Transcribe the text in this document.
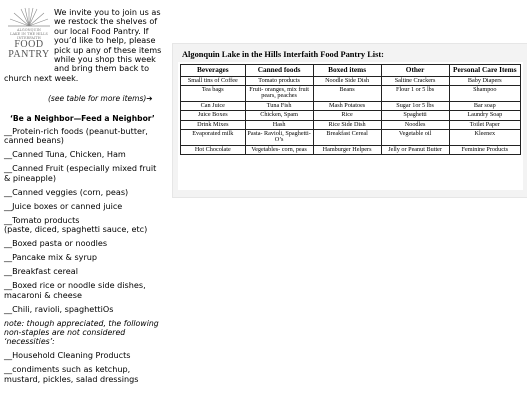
ALGONQUIN
LAKE IN THE HILLS
INTERFAITH
FOOD
PANTRY
We invite you to join us as we restock the shelves of our local Food Pantry. If you’d like to help, please pick up any of these items while you shop this week and bring them back to church next week.
(see table for more items)➔
‘Be a Neighbor—Feed a Neighbor’
__Protein-rich foods (peanut-butter, canned beans)
__Canned Tuna, Chicken, Ham
__Canned Fruit (especially mixed fruit & pineapple)
__Canned veggies (corn, peas)
__Juice boxes or canned juice
__Tomato products
(paste, diced, spaghetti sauce, etc)
__Boxed pasta or noodles
__Pancake mix & syrup
__Breakfast cereal
__Boxed rice or noodle side dishes, macaroni & cheese
__Chili, ravioli, spaghettiOs
note: though appreciated, the following non-staples are not considered ‘necessities’:
__Household Cleaning Products
__condiments such as ketchup, mustard, pickles, salad dressings
Algonquin Lake in the Hills Interfaith Food Pantry List:
Beverages	Canned foods	Boxed items	Other	Personal Care Items
Small tins of Coffee	Tomato products	Noodle Side Dish	Saltine Crackers	Baby Diapers
Tea bags	Fruit- oranges, mix fruit pears, peaches	Beans	Flour 1 or 5 lbs	Shampoo
Can Juice	Tuna Fish	Mash Potatoes	Sugar 1or 5 lbs	Bar soap
Juice Boxes	Chicken, Spam	Rice	Spaghetti	Laundry Soap
Drink Mixes	Hash	Rice Side Dish	Noodles	Toilet Paper
Evaporated milk	Pasta- Ravioli, Spaghetti-O’s	Breakfast Cereal	Vegetable oil	Kleenex
Hot Chocolate	Vegetables- corn, peas	Hamburger Helpers	Jelly or Peanut Butter	Feminine Products
